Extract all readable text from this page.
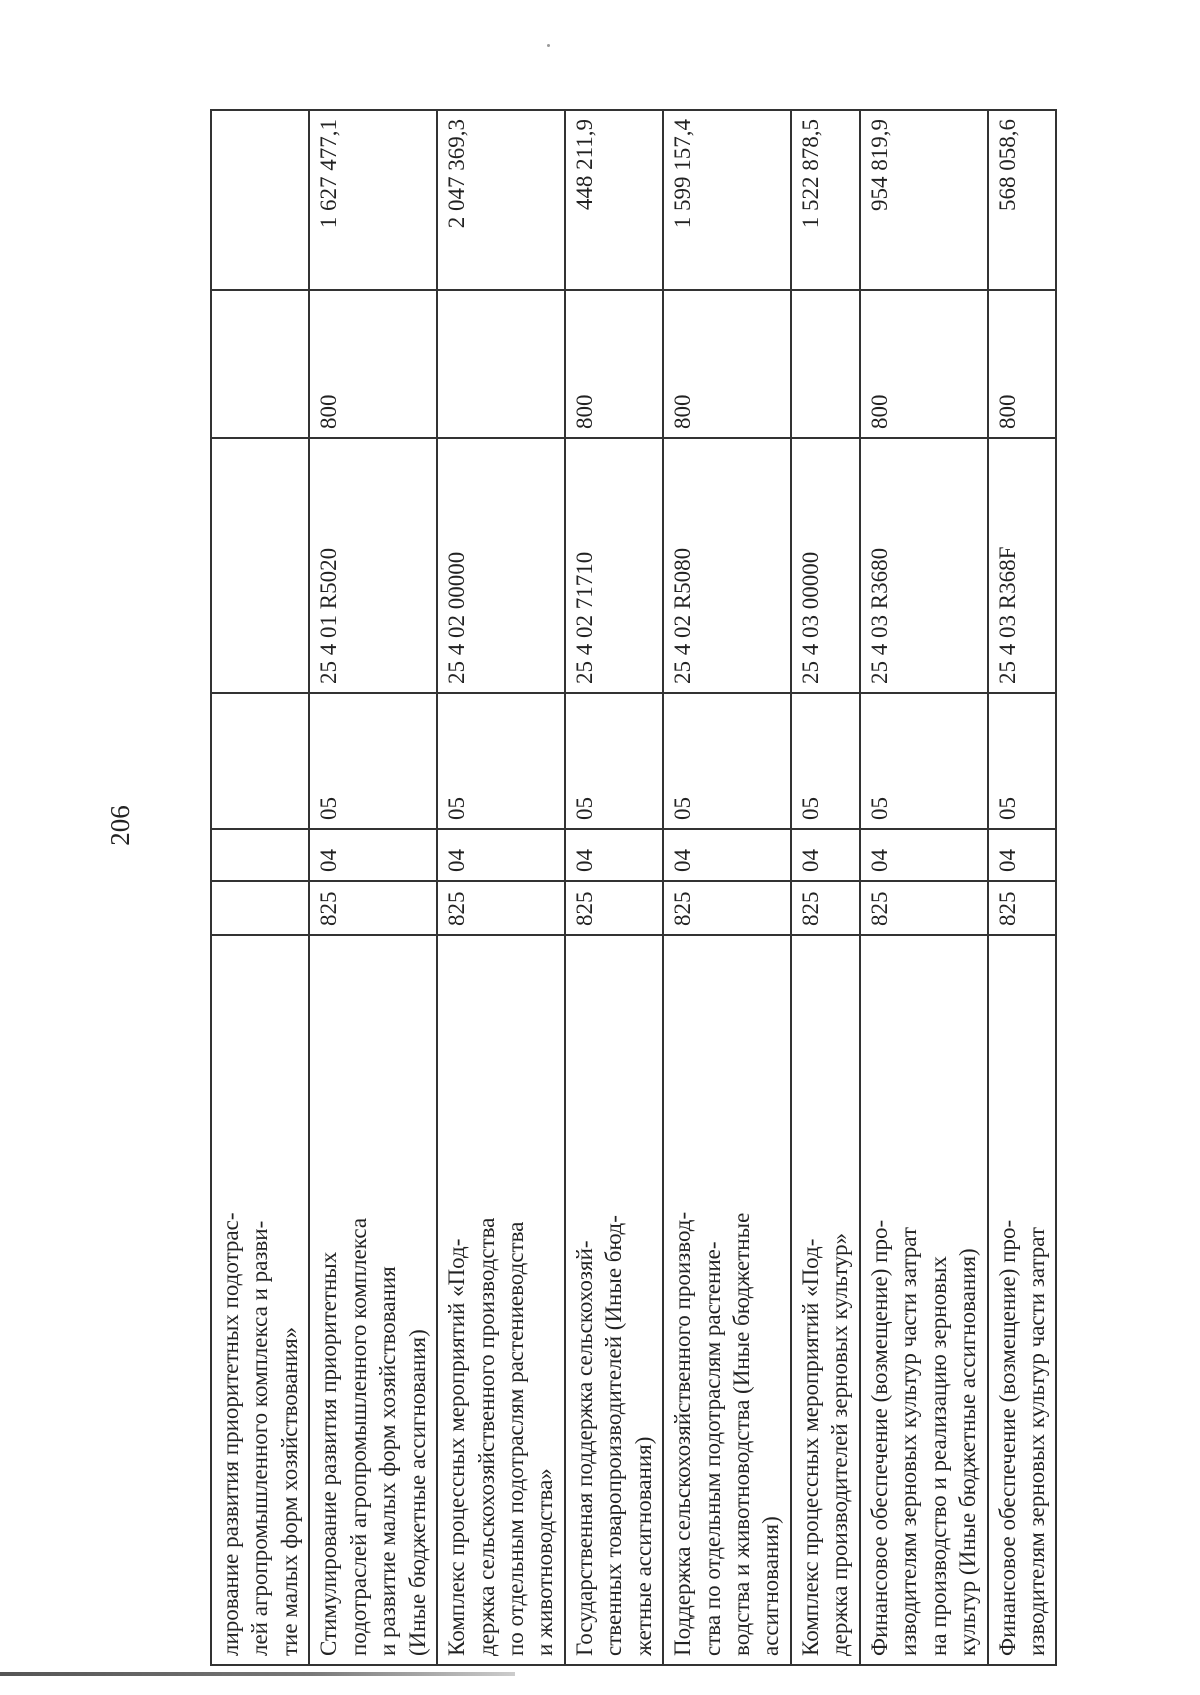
206
лирование развития приоритетных подотрас-
лей агропромышленного комплекса и разви-
тие малых форм хозяйствования»						
Стимулирование развития приоритетных
подотраслей агропромышленного комплекса
и развитие малых форм хозяйствования
(Иные бюджетные ассигнования)	825	04	05	25 4 01 R5020	800	1 627 477,1
Комплекс процессных мероприятий «Под-
держка сельскохозяйственного производства
по отдельным подотраслям растениеводства
и животноводства»	825	04	05	25 4 02 00000		2 047 369,3
Государственная поддержка сельскохозяй-
ственных товаропроизводителей (Иные бюд-
жетные ассигнования)	825	04	05	25 4 02 71710	800	448 211,9
Поддержка сельскохозяйственного производ-
ства по отдельным подотраслям растение-
водства и животноводства (Иные бюджетные
ассигнования)	825	04	05	25 4 02 R5080	800	1 599 157,4
Комплекс процессных мероприятий «Под-
держка производителей зерновых культур»	825	04	05	25 4 03 00000		1 522 878,5
Финансовое обеспечение (возмещение) про-
изводителям зерновых культур части затрат
на производство и реализацию зерновых
культур (Иные бюджетные ассигнования)	825	04	05	25 4 03 R3680	800	954 819,9
Финансовое обеспечение (возмещение) про-
изводителям зерновых культур части затрат	825	04	05	25 4 03 R368F	800	568 058,6
